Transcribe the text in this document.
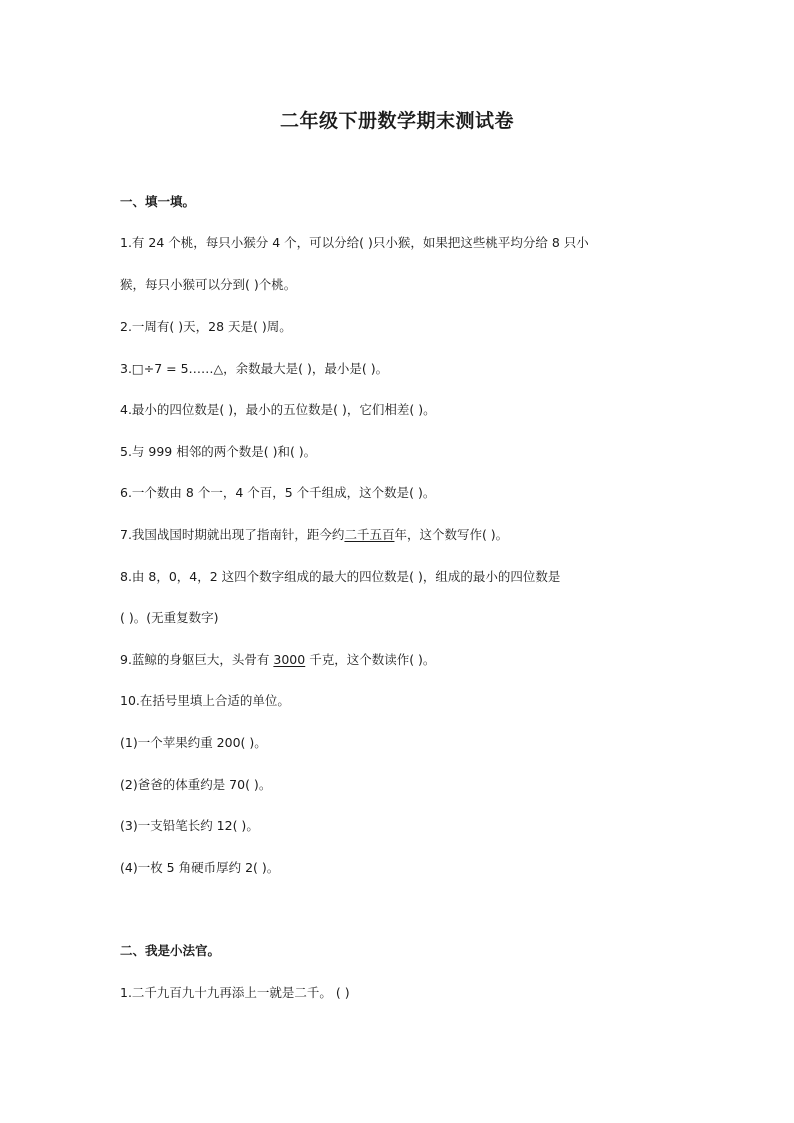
二年级下册数学期末测试卷
一、填一填。
1.有 24 个桃，每只小猴分 4 个，可以分给( )只小猴，如果把这些桃平均分给 8 只小
猴，每只小猴可以分到( )个桃。
2.一周有( )天，28 天是( )周。
3.□÷7 = 5……△，余数最大是( )，最小是( )。
4.最小的四位数是( )，最小的五位数是( )，它们相差( )。
5.与 999 相邻的两个数是( )和( )。
6.一个数由 8 个一，4 个百，5 个千组成，这个数是( )。
7.我国战国时期就出现了指南针，距今约二千五百年，这个数写作( )。
8.由 8，0，4，2 这四个数字组成的最大的四位数是( )，组成的最小的四位数是
( )。(无重复数字)
9.蓝鲸的身躯巨大，头骨有 3000 千克，这个数读作( )。
10.在括号里填上合适的单位。
(1)一个苹果约重 200( )。
(2)爸爸的体重约是 70( )。
(3)一支铅笔长约 12( )。
(4)一枚 5 角硬币厚约 2( )。
二、我是小法官。
1.二千九百九十九再添上一就是二千。 ( )
